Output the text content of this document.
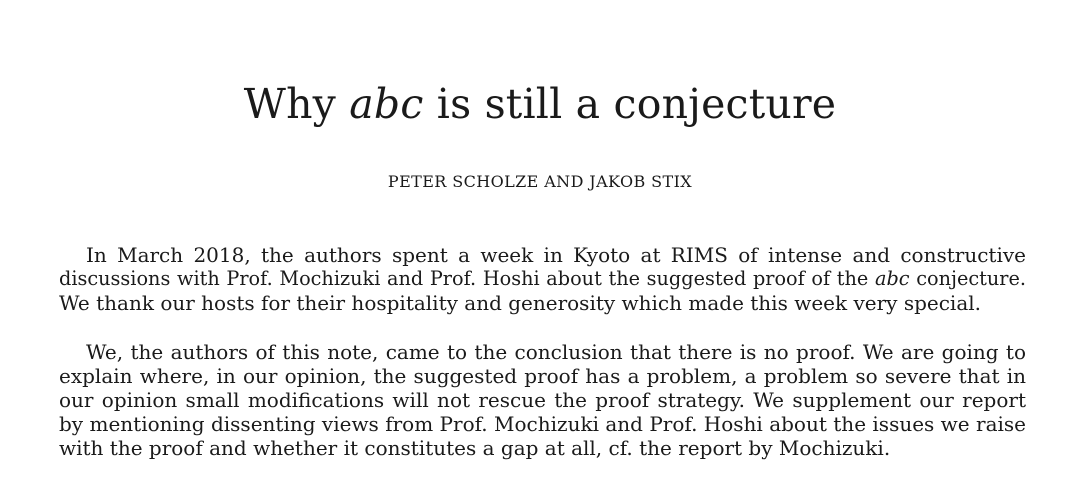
Why abc is still a conjecture
PETER SCHOLZE AND JAKOB STIX
In March 2018, the authors spent a week in Kyoto at RIMS of intense and constructive
discussions with Prof. Mochizuki and Prof. Hoshi about the suggested proof of the abc conjecture.
We thank our hosts for their hospitality and generosity which made this week very special.
We, the authors of this note, came to the conclusion that there is no proof. We are going to
explain where, in our opinion, the suggested proof has a problem, a problem so severe that in
our opinion small modifications will not rescue the proof strategy. We supplement our report
by mentioning dissenting views from Prof. Mochizuki and Prof. Hoshi about the issues we raise
with the proof and whether it constitutes a gap at all, cf. the report by Mochizuki.
